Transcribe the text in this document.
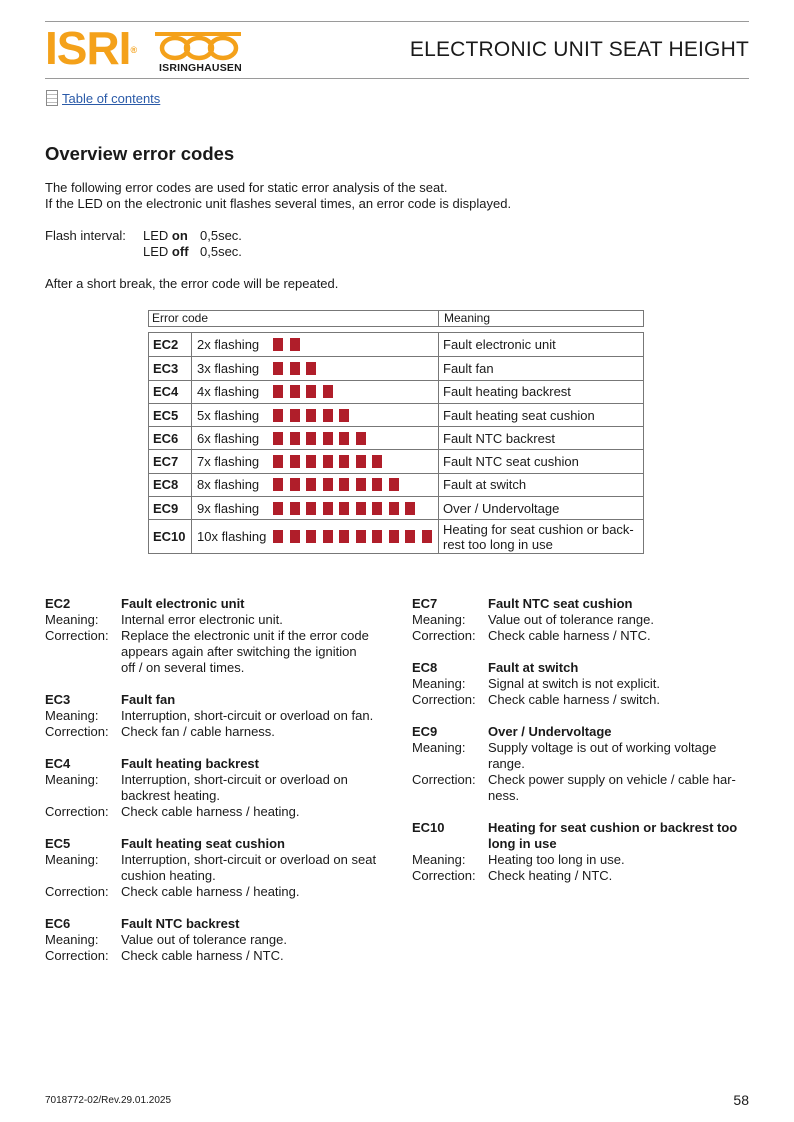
ISRI®
ISRINGHAUSEN
ELECTRONIC UNIT SEAT HEIGHT
Table of contents
Overview error codes

The following error codes are used for static error analysis of the seat.

If the LED on the electronic unit flashes several times, an error code is displayed.

Flash interval: LED on 0,5sec.
LED off 0,5sec.

After a short break, the error code will be repeated.

Error code	Meaning
EC2	2x flashing	Fault electronic unit
EC3	3x flashing	Fault fan
EC4	4x flashing	Fault heating backrest
EC5	5x flashing	Fault heating seat cushion
EC6	6x flashing	Fault NTC backrest
EC7	7x flashing	Fault NTC seat cushion
EC8	8x flashing	Fault at switch
EC9	9x flashing	Over / Undervoltage
EC10 10x flashing	Heating for seat cushion or back-rest too long in use
EC2	Fault electronic unit
Meaning: Internal error electronic unit.
Correction: Replace the electronic unit if the error code
appears again after switching the ignition
off / on several times.
EC3	Fault fan
Meaning: Interruption, short-circuit or overload on fan.
Correction: Check fan / cable harness.
EC4	Fault heating backrest
Meaning: Interruption, short-circuit or overload on
backrest heating.
Correction: Check cable harness / heating.
EC5	Fault heating seat cushion
Meaning: Interruption, short-circuit or overload on seat
cushion heating.
Correction: Check cable harness / heating.
EC6	Fault NTC backrest
Meaning: Value out of tolerance range.
Correction: Check cable harness / NTC.
EC7	Fault NTC seat cushion
Meaning: Value out of tolerance range.
Correction: Check cable harness / NTC.
EC8	Fault at switch
Meaning: Signal at switch is not explicit.
Correction: Check cable harness / switch.
EC9	Over / Undervoltage
Meaning: Supply voltage is out of working voltage
range.
Correction: Check power supply on vehicle / cable har-
ness.
EC10	Heating for seat cushion or backrest too
long in use
Meaning: Heating too long in use.
Correction: Check heating / NTC.
7018772-02/Rev.29.01.2025	58
